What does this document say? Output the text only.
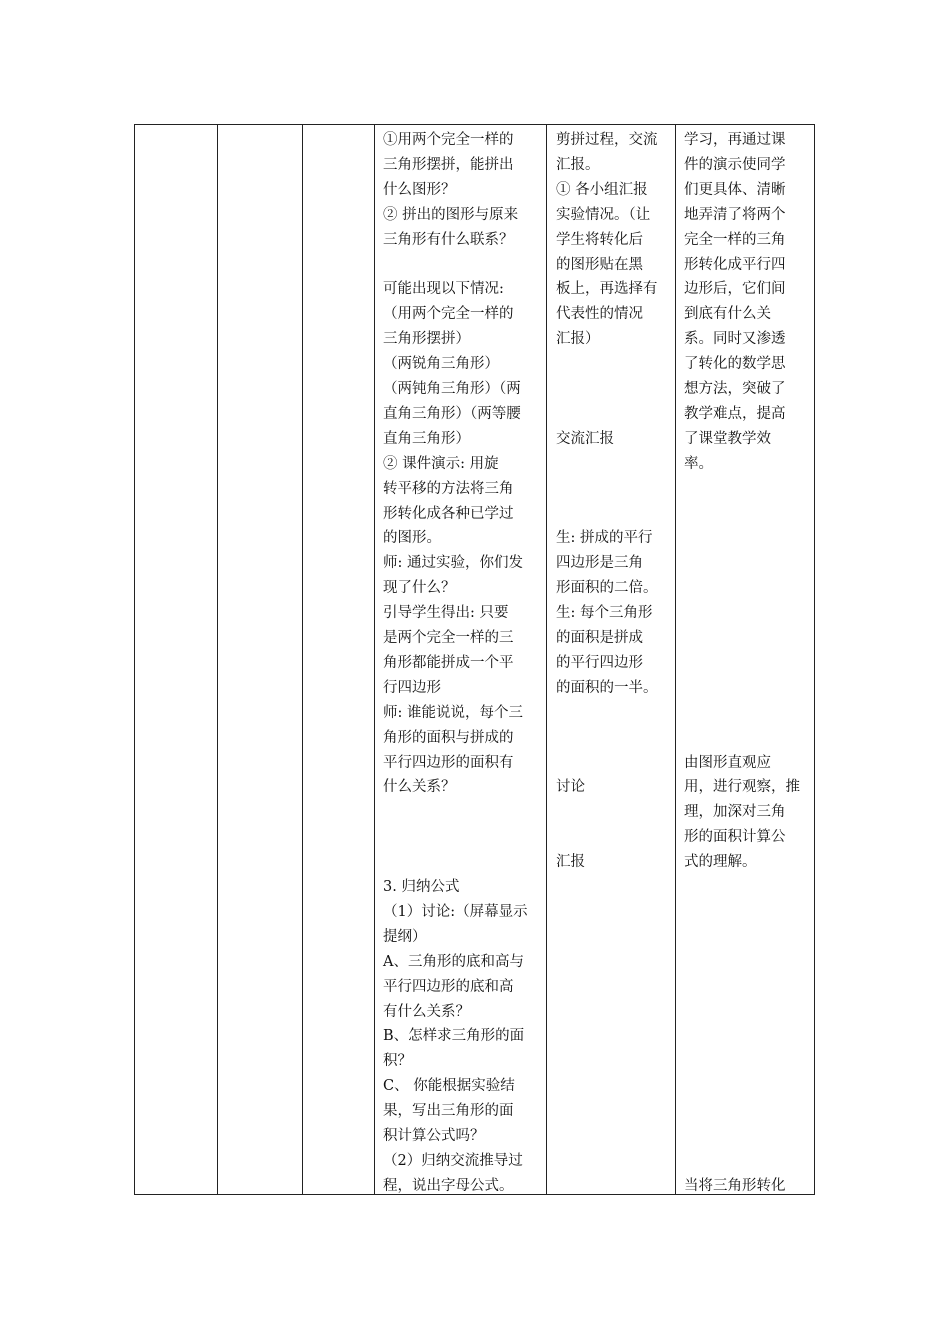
①用两个完全一样的
三角形摆拼，能拼出
什么图形？
② 拼出的图形与原来
三角形有什么联系？
可能出现以下情况:
（用两个完全一样的
三角形摆拼）
（两锐角三角形）
（两钝角三角形）（两
直角三角形）（两等腰
直角三角形）
② 课件演示: 用旋
转平移的方法将三角
形转化成各种已学过
的图形。
师: 通过实验，你们发
现了什么？
引导学生得出: 只要
是两个完全一样的三
角形都能拼成一个平
行四边形
师: 谁能说说，每个三
角形的面积与拼成的
平行四边形的面积有
什么关系？
3. 归纳公式
（1）讨论:（屏幕显示
提纲）
A、三角形的底和高与
平行四边形的底和高
有什么关系？
B、怎样求三角形的面
积？
C、 你能根据实验结
果，写出三角形的面
积计算公式吗？
（2）归纳交流推导过
程，说出字母公式。
剪拼过程，交流
汇报。
① 各小组汇报
实验情况。（让
学生将转化后
的图形贴在黑
板上，再选择有
代表性的情况
汇报）
交流汇报
生: 拼成的平行
四边形是三角
形面积的二倍。
生: 每个三角形
的面积是拼成
的平行四边形
的面积的一半。
讨论
汇报
学习，再通过课
件的演示使同学
们更具体、清晰
地弄清了将两个
完全一样的三角
形转化成平行四
边形后，它们间
到底有什么关
系。同时又渗透
了转化的数学思
想方法，突破了
教学难点，提高
了课堂教学效
率。
由图形直观应
用，进行观察，推
理，加深对三角
形的面积计算公
式的理解。
当将三角形转化
